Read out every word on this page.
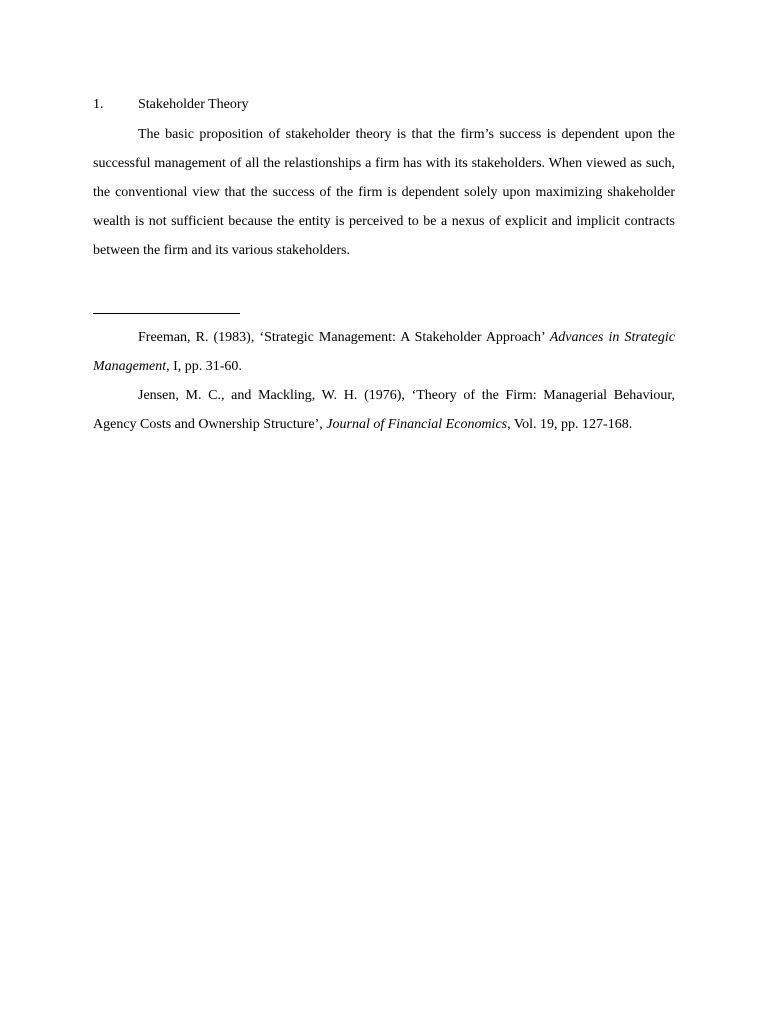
1.	Stakeholder Theory

The basic proposition of stakeholder theory is that the firm’s success is dependent upon the successful management of all the relastionships a firm has with its stakeholders. When viewed as such, the conventional view that the success of the firm is dependent solely upon maximizing shakeholder wealth is not sufficient because the entity is perceived to be a nexus of explicit and implicit contracts between the firm and its various stakeholders.

Freeman, R. (1983), ‘Strategic Management: A Stakeholder Approach’ Advances in Strategic Management, I, pp. 31-60.

Jensen, M. C., and Mackling, W. H. (1976), ‘Theory of the Firm: Managerial Behaviour, Agency Costs and Ownership Structure’, Journal of Financial Economics, Vol. 19, pp. 127-168.
